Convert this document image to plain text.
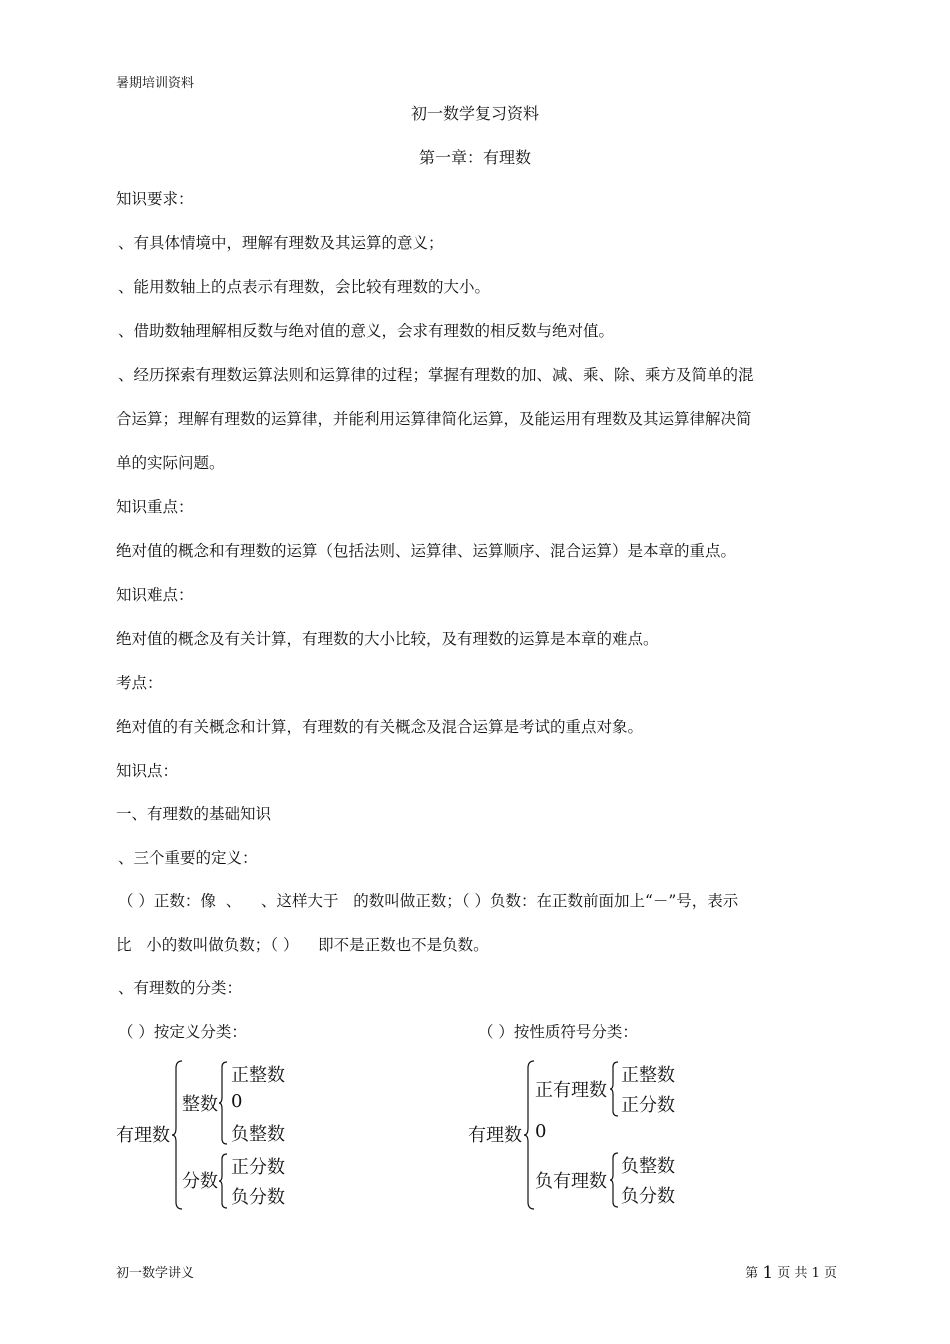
暑期培训资料
初一数学复习资料
第一章：有理数
知识要求：
、有具体情境中，理解有理数及其运算的意义；
、能用数轴上的点表示有理数，会比较有理数的大小。
、借助数轴理解相反数与绝对值的意义，会求有理数的相反数与绝对值。
、经历探索有理数运算法则和运算律的过程；掌握有理数的加、减、乘、除、乘方及简单的混
合运算；理解有理数的运算律，并能利用运算律简化运算，及能运用有理数及其运算律解决简
单的实际问题。
知识重点：
绝对值的概念和有理数的运算（包括法则、运算律、运算顺序、混合运算）是本章的重点。
知识难点：
绝对值的概念及有关计算，有理数的大小比较，及有理数的运算是本章的难点。
考点：
绝对值的有关概念和计算，有理数的有关概念及混合运算是考试的重点对象。
知识点：
一、有理数的基础知识
、三个重要的定义：
（ ）正数：像  、    、这样大于   的数叫做正数；（ ）负数：在正数前面加上“－”号，表示
比   小的数叫做负数；（ ）    即不是正数也不是负数。
、有理数的分类：
（ ）按定义分类：	（ ）按性质符号分类：
有理数
整数
正整数
0
负整数
分数
正分数
负分数
有理数
正有理数
正整数
正分数
0
负有理数
负整数
负分数
初一数学讲义	第 1 页 共 1 页
